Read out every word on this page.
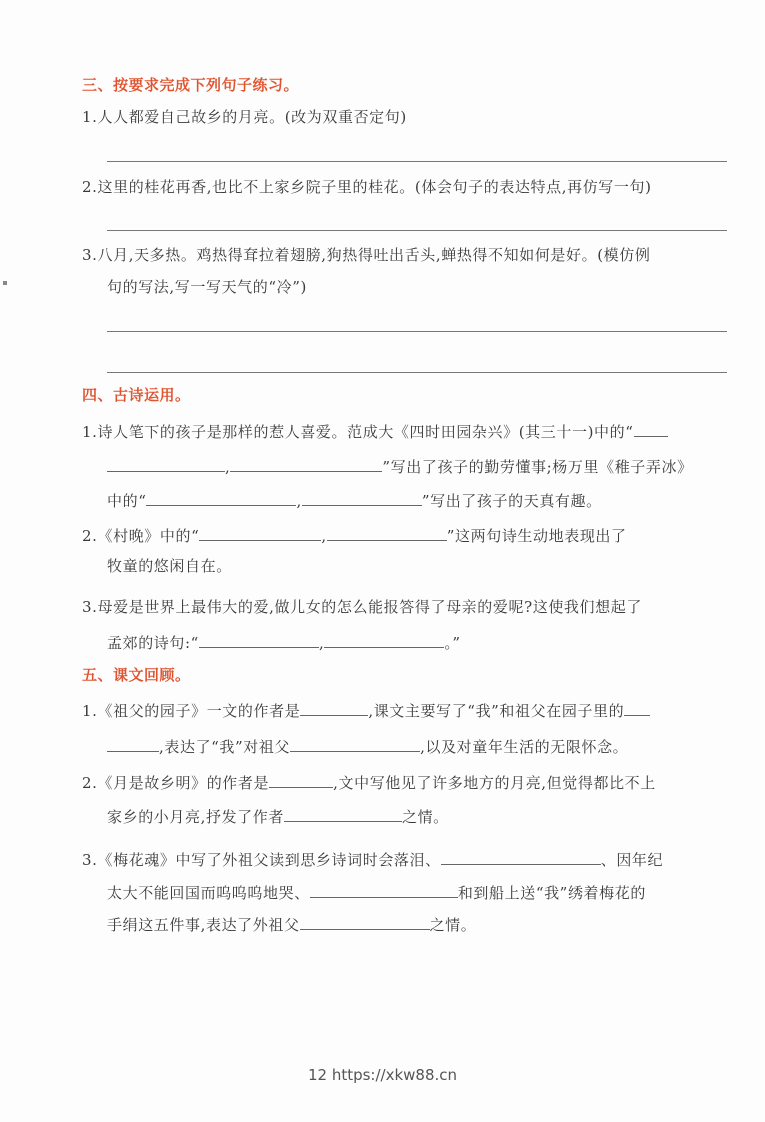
三、按要求完成下列句子练习。
1.人人都爱自己故乡的月亮。(改为双重否定句)
2.这里的桂花再香,也比不上家乡院子里的桂花。(体会句子的表达特点,再仿写一句)
3.八月,天多热。鸡热得耷拉着翅膀,狗热得吐出舌头,蝉热得不知如何是好。(模仿例
句的写法,写一写天气的“冷”)
四、古诗运用。
1.诗人笔下的孩子是那样的惹人喜爱。范成大《四时田园杂兴》(其三十一)中的“
,	”写出了孩子的勤劳懂事;杨万里《稚子弄冰》
中的“	,	”写出了孩子的天真有趣。
2.《村晚》中的“	,	”这两句诗生动地表现出了
牧童的悠闲自在。
3.母爱是世界上最伟大的爱,做儿女的怎么能报答得了母亲的爱呢?这使我们想起了
孟郊的诗句:“	,	。”
五、课文回顾。
1.《祖父的园子》一文的作者是	,课文主要写了“我”和祖父在园子里的
,表达了“我”对祖父	,以及对童年生活的无限怀念。
2.《月是故乡明》的作者是	,文中写他见了许多地方的月亮,但觉得都比不上
家乡的小月亮,抒发了作者	之情。
3.《梅花魂》中写了外祖父读到思乡诗词时会落泪、	、因年纪
太大不能回国而呜呜呜地哭、	和到船上送“我”绣着梅花的
手绢这五件事,表达了外祖父	之情。
12 https://xkw88.cn
